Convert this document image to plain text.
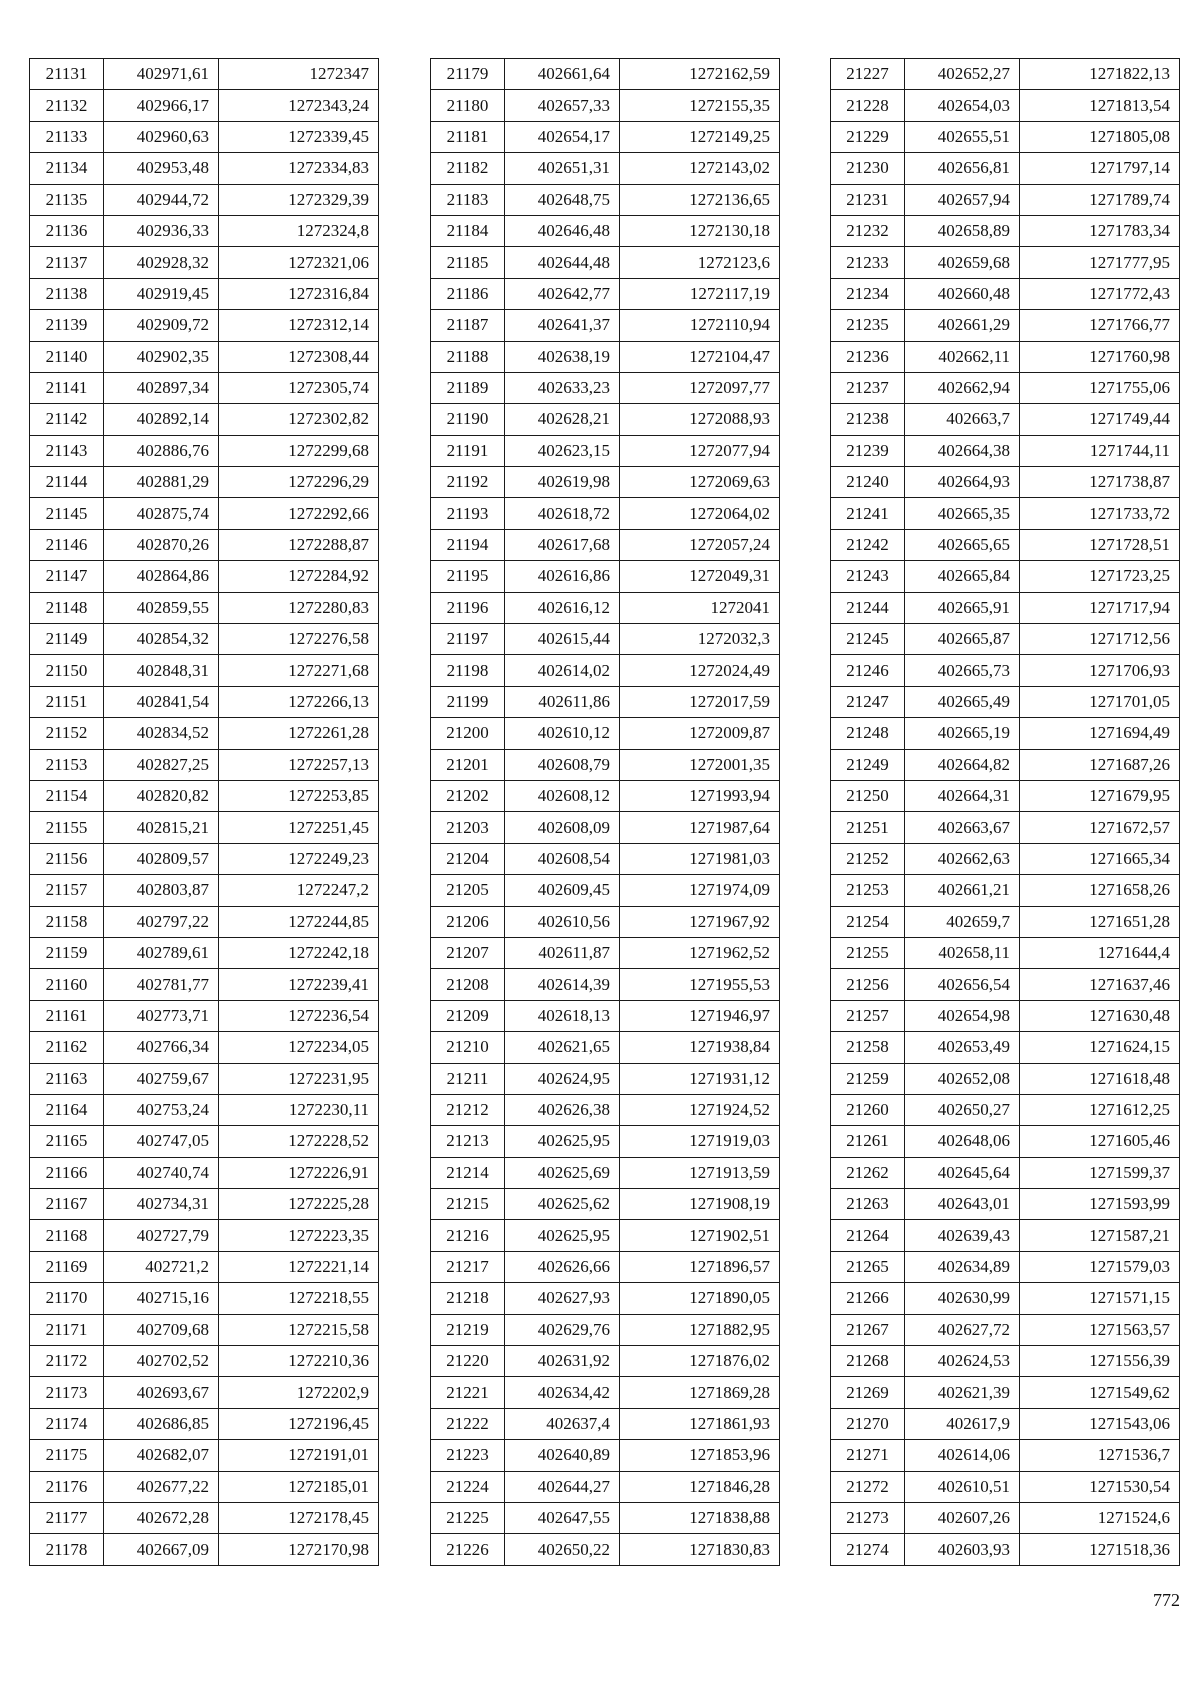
21131	402971,61	1272347
21132	402966,17	1272343,24
21133	402960,63	1272339,45
21134	402953,48	1272334,83
21135	402944,72	1272329,39
21136	402936,33	1272324,8
21137	402928,32	1272321,06
21138	402919,45	1272316,84
21139	402909,72	1272312,14
21140	402902,35	1272308,44
21141	402897,34	1272305,74
21142	402892,14	1272302,82
21143	402886,76	1272299,68
21144	402881,29	1272296,29
21145	402875,74	1272292,66
21146	402870,26	1272288,87
21147	402864,86	1272284,92
21148	402859,55	1272280,83
21149	402854,32	1272276,58
21150	402848,31	1272271,68
21151	402841,54	1272266,13
21152	402834,52	1272261,28
21153	402827,25	1272257,13
21154	402820,82	1272253,85
21155	402815,21	1272251,45
21156	402809,57	1272249,23
21157	402803,87	1272247,2
21158	402797,22	1272244,85
21159	402789,61	1272242,18
21160	402781,77	1272239,41
21161	402773,71	1272236,54
21162	402766,34	1272234,05
21163	402759,67	1272231,95
21164	402753,24	1272230,11
21165	402747,05	1272228,52
21166	402740,74	1272226,91
21167	402734,31	1272225,28
21168	402727,79	1272223,35
21169	402721,2	1272221,14
21170	402715,16	1272218,55
21171	402709,68	1272215,58
21172	402702,52	1272210,36
21173	402693,67	1272202,9
21174	402686,85	1272196,45
21175	402682,07	1272191,01
21176	402677,22	1272185,01
21177	402672,28	1272178,45
21178	402667,09	1272170,98
21179	402661,64	1272162,59
21180	402657,33	1272155,35
21181	402654,17	1272149,25
21182	402651,31	1272143,02
21183	402648,75	1272136,65
21184	402646,48	1272130,18
21185	402644,48	1272123,6
21186	402642,77	1272117,19
21187	402641,37	1272110,94
21188	402638,19	1272104,47
21189	402633,23	1272097,77
21190	402628,21	1272088,93
21191	402623,15	1272077,94
21192	402619,98	1272069,63
21193	402618,72	1272064,02
21194	402617,68	1272057,24
21195	402616,86	1272049,31
21196	402616,12	1272041
21197	402615,44	1272032,3
21198	402614,02	1272024,49
21199	402611,86	1272017,59
21200	402610,12	1272009,87
21201	402608,79	1272001,35
21202	402608,12	1271993,94
21203	402608,09	1271987,64
21204	402608,54	1271981,03
21205	402609,45	1271974,09
21206	402610,56	1271967,92
21207	402611,87	1271962,52
21208	402614,39	1271955,53
21209	402618,13	1271946,97
21210	402621,65	1271938,84
21211	402624,95	1271931,12
21212	402626,38	1271924,52
21213	402625,95	1271919,03
21214	402625,69	1271913,59
21215	402625,62	1271908,19
21216	402625,95	1271902,51
21217	402626,66	1271896,57
21218	402627,93	1271890,05
21219	402629,76	1271882,95
21220	402631,92	1271876,02
21221	402634,42	1271869,28
21222	402637,4	1271861,93
21223	402640,89	1271853,96
21224	402644,27	1271846,28
21225	402647,55	1271838,88
21226	402650,22	1271830,83
21227	402652,27	1271822,13
21228	402654,03	1271813,54
21229	402655,51	1271805,08
21230	402656,81	1271797,14
21231	402657,94	1271789,74
21232	402658,89	1271783,34
21233	402659,68	1271777,95
21234	402660,48	1271772,43
21235	402661,29	1271766,77
21236	402662,11	1271760,98
21237	402662,94	1271755,06
21238	402663,7	1271749,44
21239	402664,38	1271744,11
21240	402664,93	1271738,87
21241	402665,35	1271733,72
21242	402665,65	1271728,51
21243	402665,84	1271723,25
21244	402665,91	1271717,94
21245	402665,87	1271712,56
21246	402665,73	1271706,93
21247	402665,49	1271701,05
21248	402665,19	1271694,49
21249	402664,82	1271687,26
21250	402664,31	1271679,95
21251	402663,67	1271672,57
21252	402662,63	1271665,34
21253	402661,21	1271658,26
21254	402659,7	1271651,28
21255	402658,11	1271644,4
21256	402656,54	1271637,46
21257	402654,98	1271630,48
21258	402653,49	1271624,15
21259	402652,08	1271618,48
21260	402650,27	1271612,25
21261	402648,06	1271605,46
21262	402645,64	1271599,37
21263	402643,01	1271593,99
21264	402639,43	1271587,21
21265	402634,89	1271579,03
21266	402630,99	1271571,15
21267	402627,72	1271563,57
21268	402624,53	1271556,39
21269	402621,39	1271549,62
21270	402617,9	1271543,06
21271	402614,06	1271536,7
21272	402610,51	1271530,54
21273	402607,26	1271524,6
21274	402603,93	1271518,36
772
